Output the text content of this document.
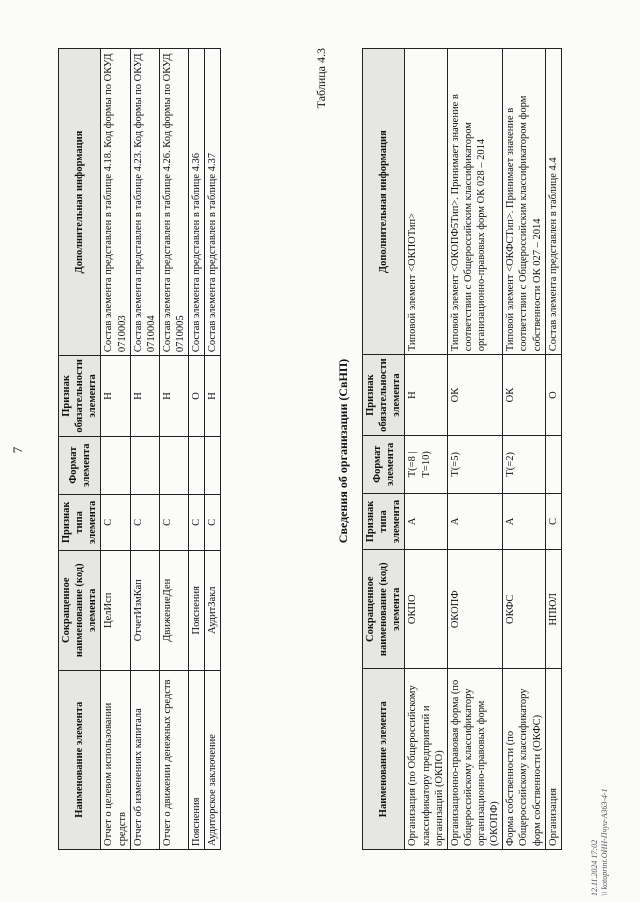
7
Наименование элемента	Сокращенное наименование (код) элемента	Признак типа элемента	Формат элемента	Признак обязательности элемента	Дополнительная информация
Отчет о целевом использовании средств	ЦелИсп	С		Н	Состав элемента представлен в таблице 4.18. Код формы по ОКУД 0710003
Отчет об изменениях капитала	ОтчетИзмКап	С		Н	Состав элемента представлен в таблице 4.23. Код формы по ОКУД 0710004
Отчет о движении денежных средств	ДвижениеДен	С		Н	Состав элемента представлен в таблице 4.26. Код формы по ОКУД 0710005
Пояснения	Пояснения	С		О	Состав элемента представлен в таблице 4.36
Аудиторское заключение	АудитЗакл	С		Н	Состав элемента представлен в таблице 4.37
Таблица 4.3
Сведения об организации (СвНП)
Наименование элемента	Сокращенное наименование (код) элемента	Признак типа элемента	Формат элемента	Признак обязательности элемента	Дополнительная информация
Организация (по Общероссийскому классификатору предприятий и организаций (ОКПО)	ОКПО	А	T(=8 | T=10)	Н	Типовой элемент <ОКПОТип>
Организационно-правовая форма (по Общероссийскому классификатору организационно-правовых форм (ОКОПФ)	ОКОПФ	А	T(=5)	ОК	Типовой элемент <ОКОПФ5Тип>. Принимает значение в соответствии с Общероссийским классификатором организационно-правовых форм ОК 028 – 2014
Форма собственности (по Общероссийскому классификатору форм собственности (ОКФС)	ОКФС	А	T(=2)	ОК	Типовой элемент <ОКФСТип>. Принимает значение в соответствии с Общероссийским классификатором форм собственности ОК 027 – 2014
Организация	НПЮЛ	С		О	Состав элемента представлен в таблице 4.4
12.11.2024 17:02 \\ kotoprint.ОИН-Пчуи-АЗ63-4-1
